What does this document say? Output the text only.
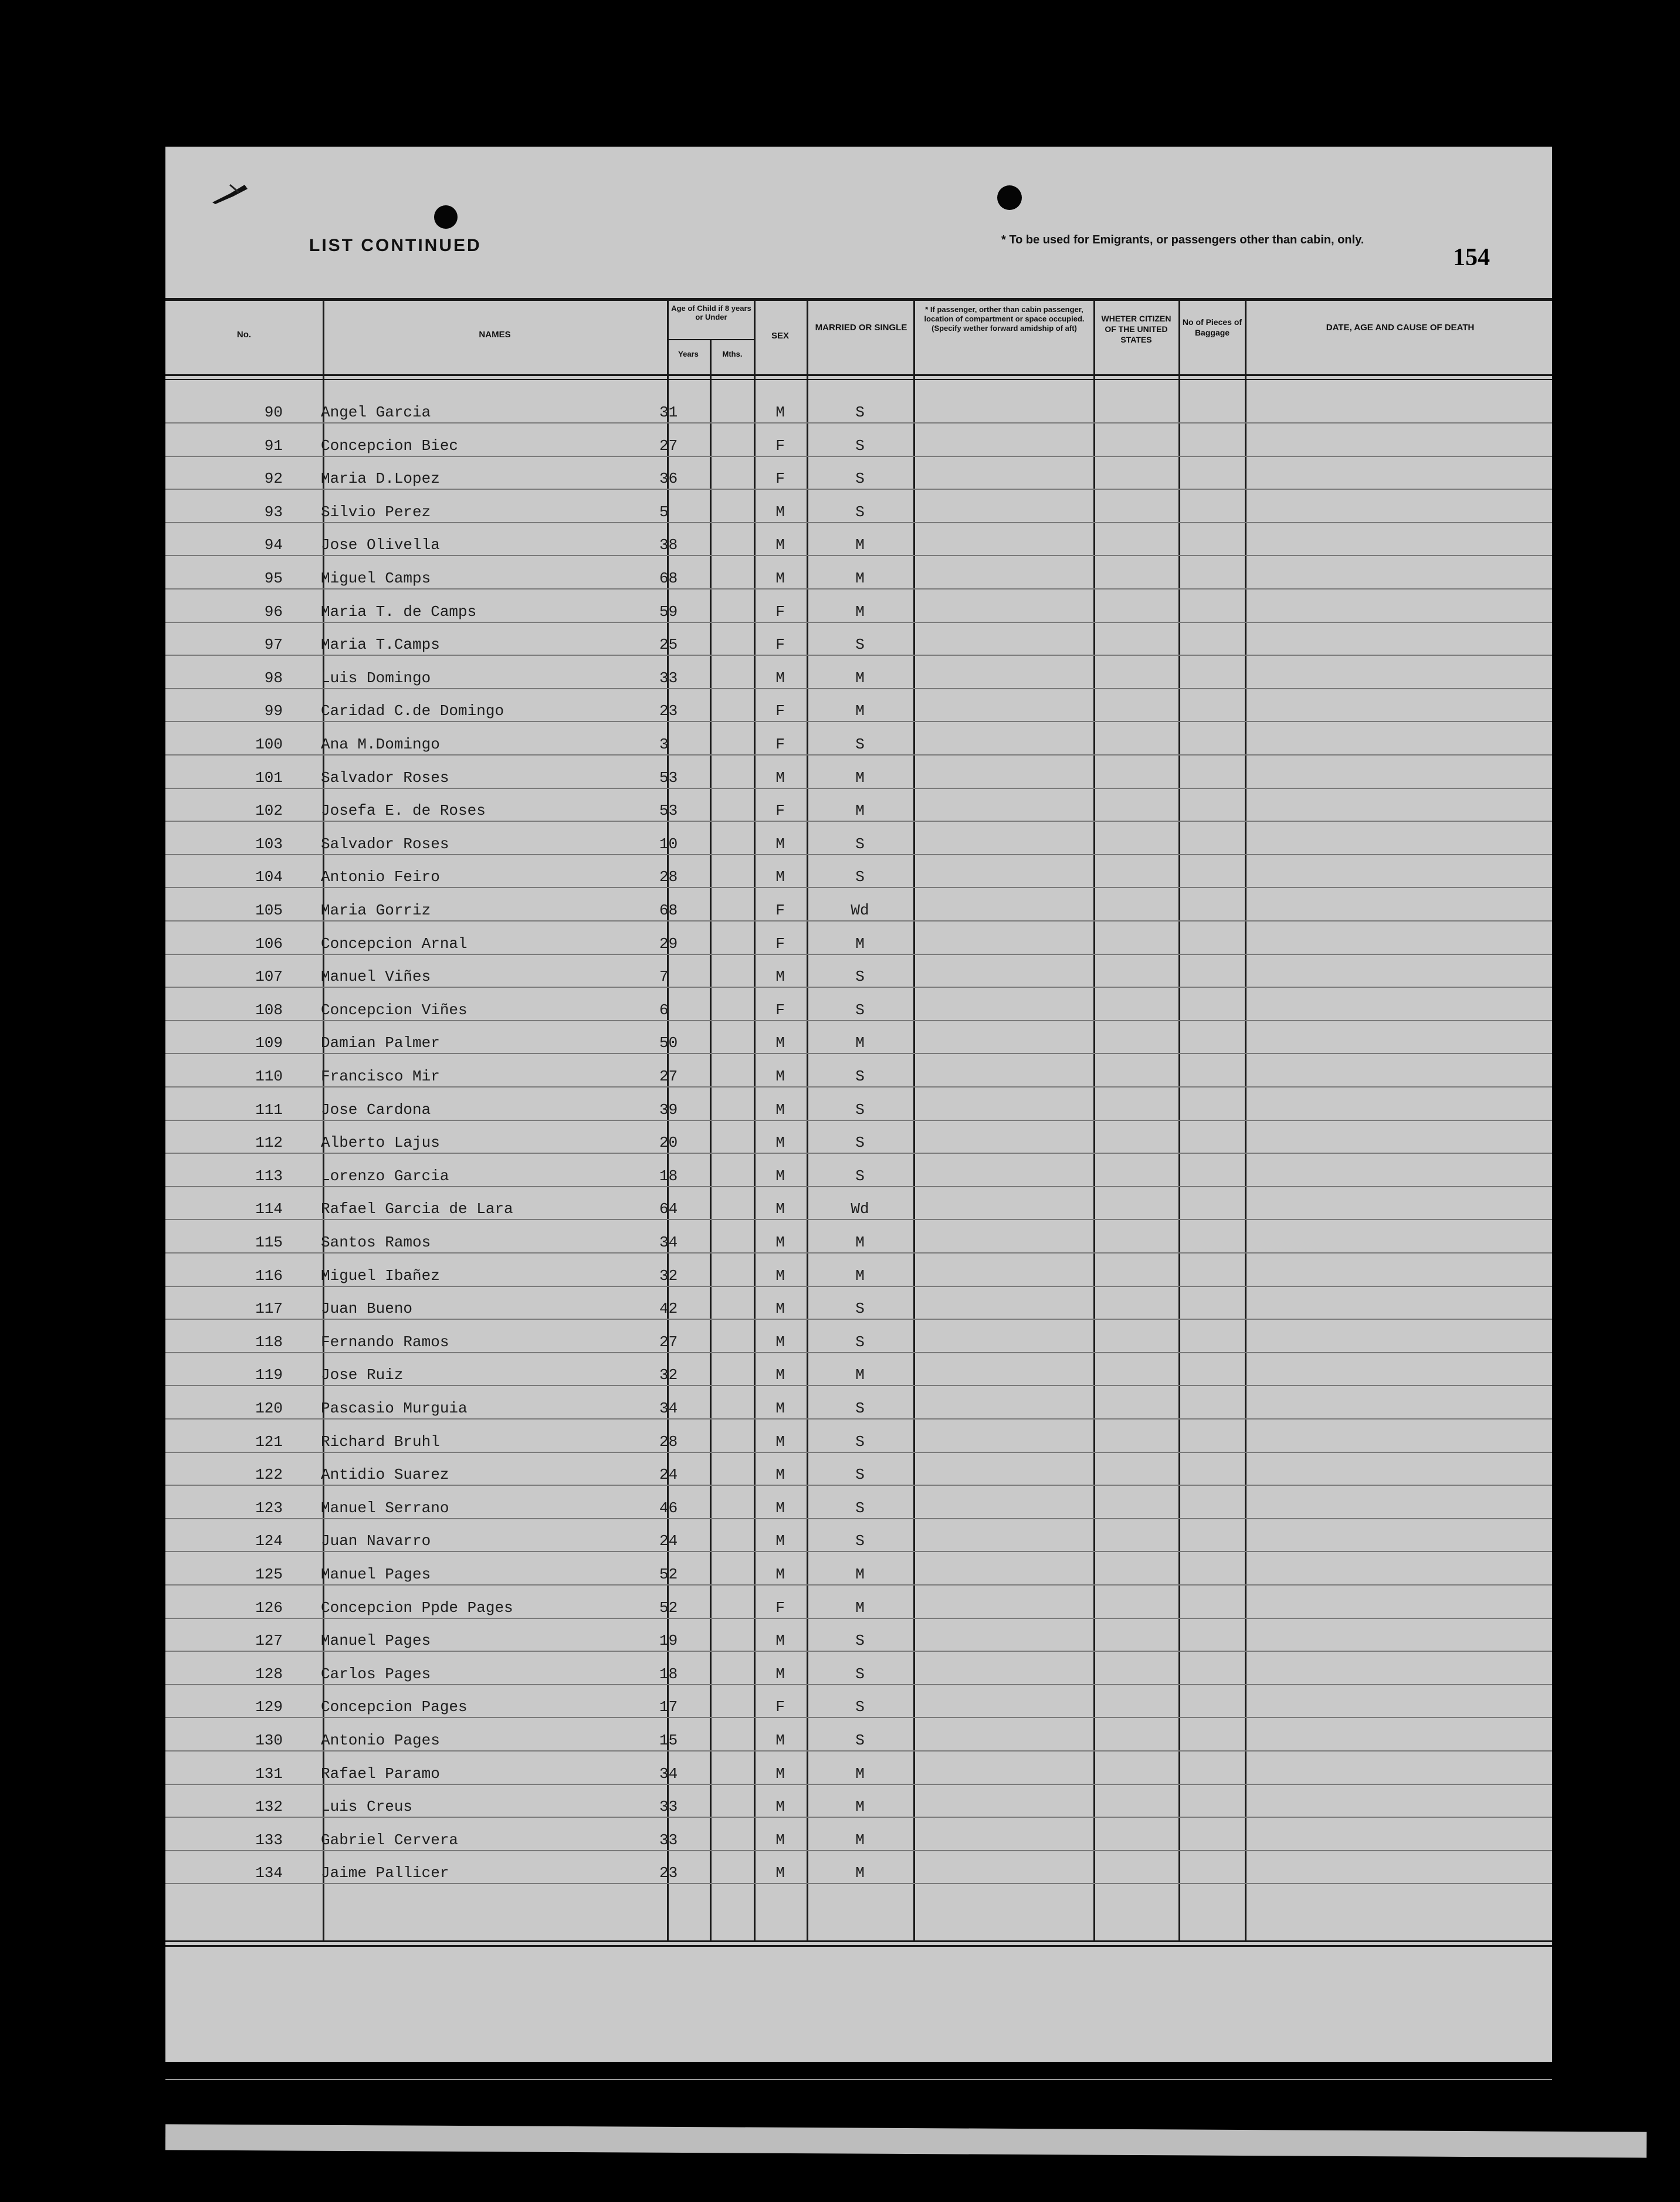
LIST CONTINUED	* To be used for Emigrants, or passengers other than cabin, only.
154
No.	NAMES
Age of Child if 8 years or Under
Years	Mths.
SEX
MARRIED OR SINGLE
* If passenger, orther than cabin passenger, location of compartment or space occupied. (Specify wether forward amidship of aft)
WHETER CITIZEN OF THE UNITED STATES
No of Pieces of Baggage	DATE, AGE AND CAUSE OF DEATH
90	Angel Garcia	31	M	S
91	Concepcion Biec	27	F	S
92	Maria D.Lopez	36	F	S
93	Silvio Perez	5	M	S
94	Jose Olivella	38	M	M
95	Miguel Camps	68	M	M
96	Maria T. de Camps	59	F	M
97	Maria T.Camps	25	F	S
98	Luis Domingo	33	M	M
99	Caridad C.de Domingo	23	F	M
100	Ana M.Domingo	3	F	S
101	Salvador Roses	53	M	M
102	Josefa E. de Roses	53	F	M
103	Salvador Roses	10	M	S
104	Antonio Feiro	28	M	S
105	Maria Gorriz	68	F	Wd
106	Concepcion Arnal	29	F	M
107	Manuel Viñes	7	M	S
108	Concepcion Viñes	6	F	S
109	Damian Palmer	50	M	M
110	Francisco Mir	27	M	S
111	Jose Cardona	39	M	S
112	Alberto Lajus	20	M	S
113	Lorenzo Garcia	18	M	S
114	Rafael Garcia de Lara	64	M	Wd
115	Santos Ramos	34	M	M
116	Miguel Ibañez	32	M	M
117	Juan Bueno	42	M	S
118	Fernando Ramos	27	M	S
119	Jose Ruiz	32	M	M
120	Pascasio Murguia	34	M	S
121	Richard Bruhl	28	M	S
122	Antidio Suarez	24	M	S
123	Manuel Serrano	46	M	S
124	Juan Navarro	24	M	S
125	Manuel Pages	52	M	M
126	Concepcion Ppde Pages	52	F	M
127	Manuel Pages	19	M	S
128	Carlos Pages	18	M	S
129	Concepcion Pages	17	F	S
130	Antonio Pages	15	M	S
131	Rafael Paramo	34	M	M
132	Luis Creus	33	M	M
133	Gabriel Cervera	33	M	M
134	Jaime Pallicer	23	M	M
